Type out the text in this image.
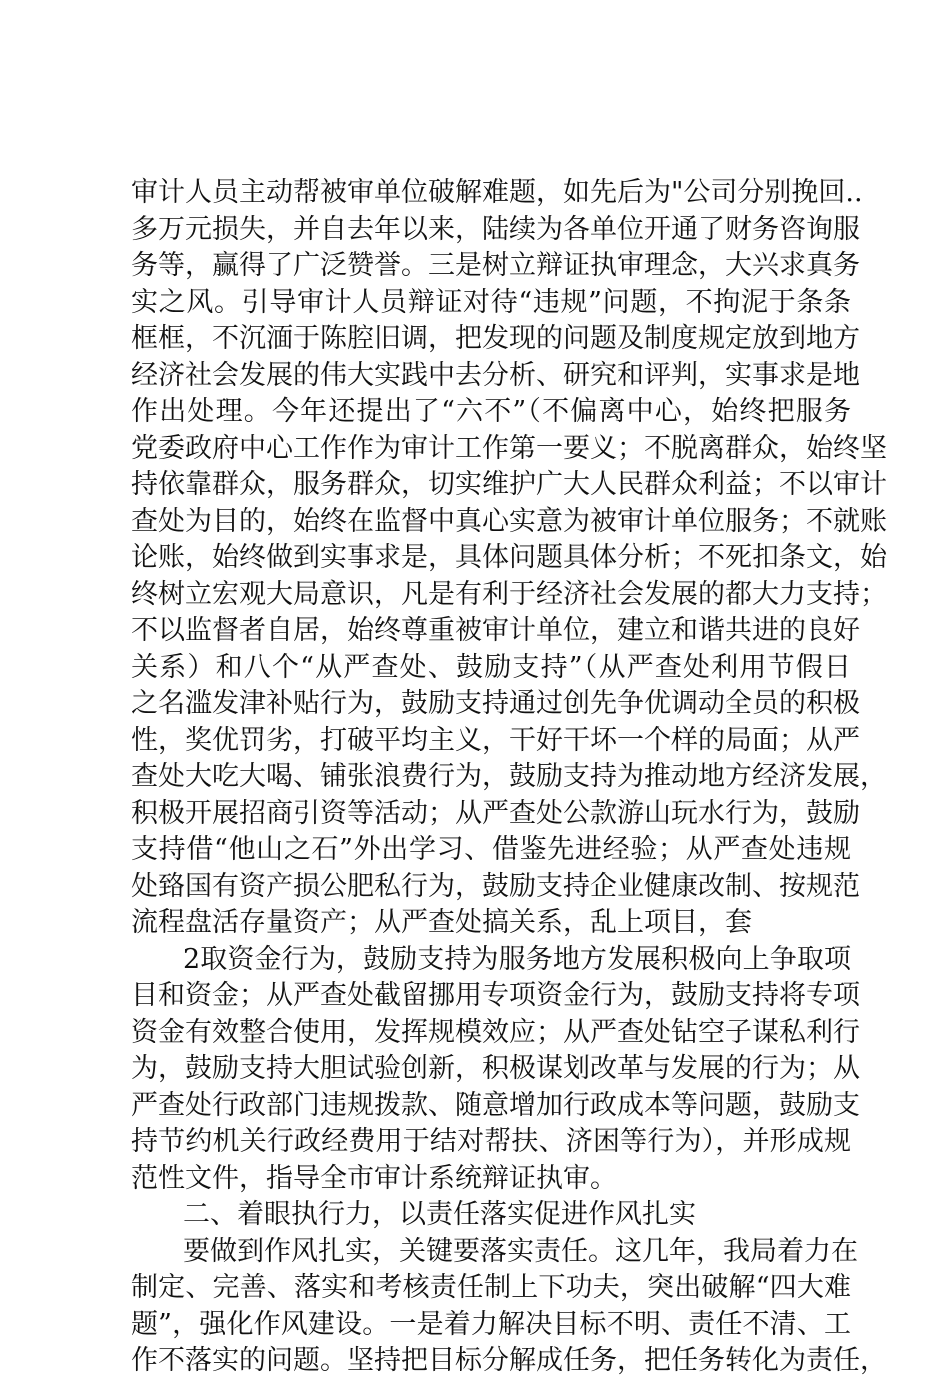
审计人员主动帮被审单位破解难题，如先后为"公司分别挽回..
多万元损失，并自去年以来，陆续为各单位开通了财务咨询服
务等，赢得了广泛赞誉。三是树立辩证执审理念，大兴求真务
实之风。引导审计人员辩证对待“违规”问题，不拘泥于条条
框框，不沉湎于陈腔旧调，把发现的问题及制度规定放到地方
经济社会发展的伟大实践中去分析、研究和评判，实事求是地
作出处理。今年还提出了“六不”（不偏离中心，始终把服务
党委政府中心工作作为审计工作第一要义；不脱离群众，始终坚
持依靠群众，服务群众，切实维护广大人民群众利益；不以审计
查处为目的，始终在监督中真心实意为被审计单位服务；不就账
论账，始终做到实事求是，具体问题具体分析；不死扣条文，始
终树立宏观大局意识，凡是有利于经济社会发展的都大力支持；
不以监督者自居，始终尊重被审计单位，建立和谐共进的良好
关系）和八个“从严查处、鼓励支持”（从严查处利用节假日
之名滥发津补贴行为，鼓励支持通过创先争优调动全员的积极
性，奖优罚劣，打破平均主义，干好干坏一个样的局面；从严
查处大吃大喝、铺张浪费行为，鼓励支持为推动地方经济发展，
积极开展招商引资等活动；从严查处公款游山玩水行为，鼓励
支持借“他山之石”外出学习、借鉴先进经验；从严查处违规
处臵国有资产损公肥私行为，鼓励支持企业健康改制、按规范
流程盘活存量资产；从严查处搞关系，乱上项目，套
2取资金行为，鼓励支持为服务地方发展积极向上争取项
目和资金；从严查处截留挪用专项资金行为，鼓励支持将专项
资金有效整合使用，发挥规模效应；从严查处钻空子谋私利行
为，鼓励支持大胆试验创新，积极谋划改革与发展的行为；从
严查处行政部门违规拨款、随意增加行政成本等问题，鼓励支
持节约机关行政经费用于结对帮扶、济困等行为），并形成规
范性文件，指导全市审计系统辩证执审。
二、着眼执行力，以责任落实促进作风扎实
要做到作风扎实，关键要落实责任。这几年，我局着力在
制定、完善、落实和考核责任制上下功夫，突出破解“四大难
题”，强化作风建设。一是着力解决目标不明、责任不清、工
作不落实的问题。坚持把目标分解成任务，把任务转化为责任，
